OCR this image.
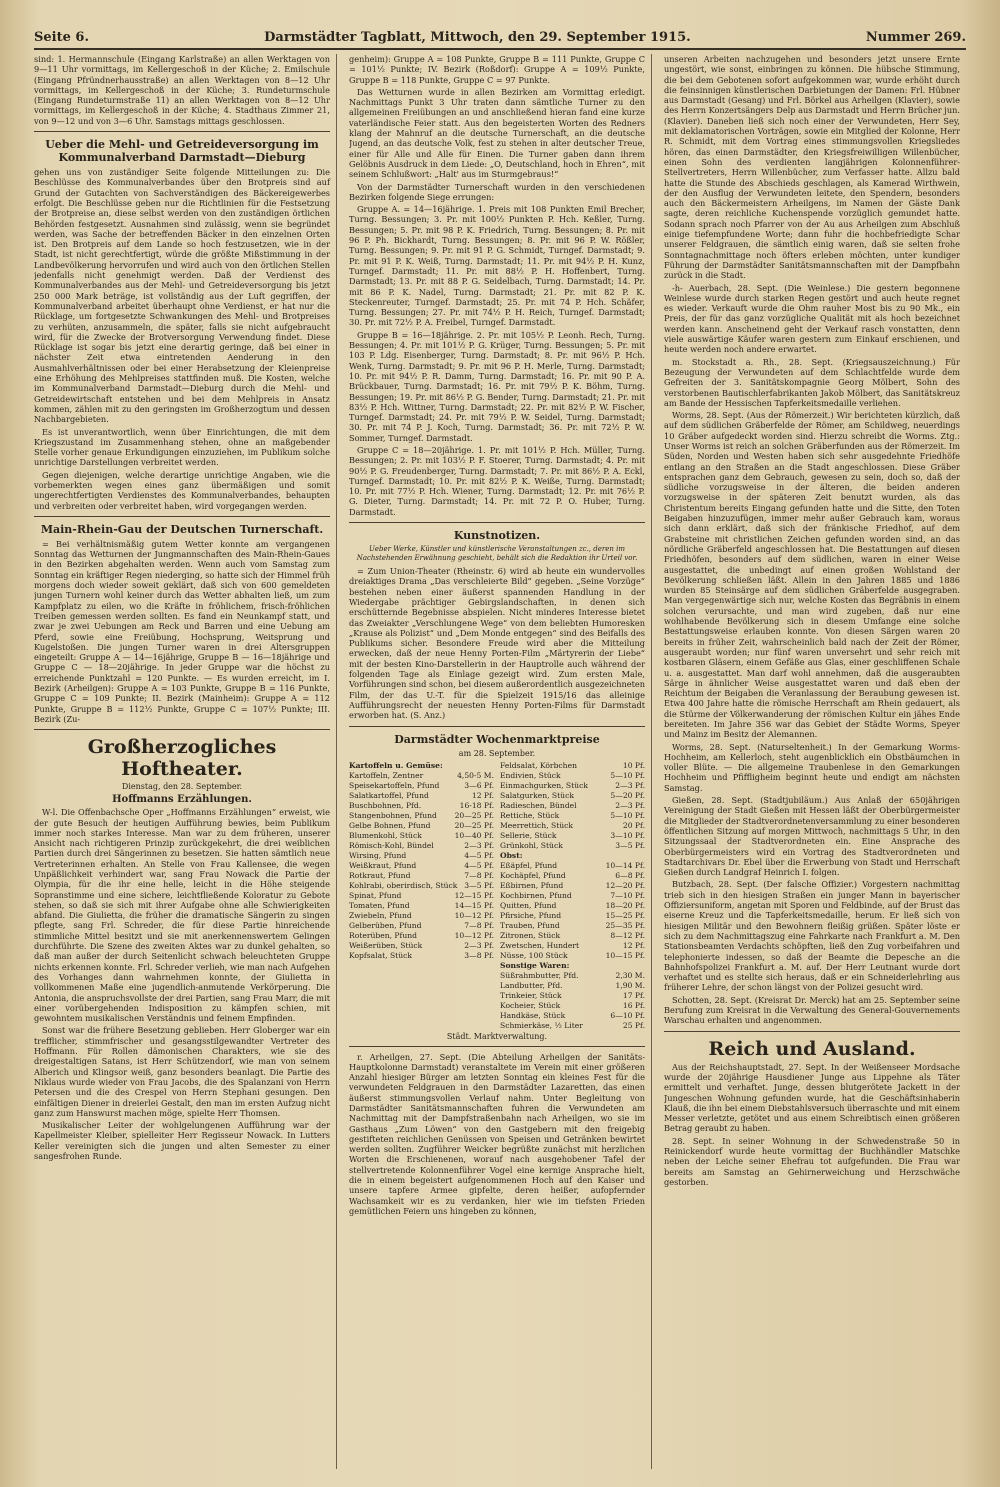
Seite 6.	Darmstädter Tagblatt, Mittwoch, den 29. September 1915.	Nummer 269.

sind: 1. Hermannschule (Eingang Karlstraße) an allen Werktagen von 9—11 Uhr vormittags, im Kellergeschoß in der Küche; 2. Emilschule (Eingang Pfründnerhausstraße) an allen Werktagen von 8—12 Uhr vormittags, im Kellergeschoß in der Küche; 3. Rundeturmschule (Eingang Rundeturmstraße 11) an allen Werktagen von 8—12 Uhr vormittags, im Kellergeschoß in der Küche; 4. Stadthaus Zimmer 21, von 9—12 und von 3—6 Uhr. Samstags mittags geschlossen.

Ueber die Mehl- und Getreideversorgung im Kommunalverband Darmstadt—Dieburg

gehen uns von zuständiger Seite folgende Mitteilungen zu: Die Beschlüsse des Kommunalverbandes über den Brotpreis sind auf Grund der Gutachten von Sachverständigen des Bäckereigewerbes erfolgt. Die Beschlüsse geben nur die Richtlinien für die Festsetzung der Brotpreise an, diese selbst werden von den zuständigen örtlichen Behörden festgesetzt. Ausnahmen sind zulässig, wenn sie begründet werden, was Sache der betreffenden Bäcker in den einzelnen Orten ist. Den Brotpreis auf dem Lande so hoch festzusetzen, wie in der Stadt, ist nicht gerechtfertigt, würde die größte Mißstimmung in der Landbevölkerung hervorrufen und wird auch von den örtlichen Stellen jedenfalls nicht genehmigt werden. Daß der Verdienst des Kommunalverbandes aus der Mehl- und Getreideversorgung bis jetzt 250 000 Mark beträge, ist vollständig aus der Luft gegriffen, der Kommunalverband arbeitet überhaupt ohne Verdienst, er hat nur die Rücklage, um fortgesetzte Schwankungen des Mehl- und Brotpreises zu verhüten, anzusammeln, die später, falls sie nicht aufgebraucht wird, für die Zwecke der Brotversorgung Verwendung findet. Diese Rücklage ist sogar bis jetzt eine derartig geringe, daß bei einer in nächster Zeit etwa eintretenden Aenderung in den Ausmahlverhältnissen oder bei einer Herabsetzung der Kleienpreise eine Erhöhung des Mehlpreises stattfinden muß. Die Kosten, welche im Kommunalverband Darmstadt—Dieburg durch die Mehl- und Getreidewirtschaft entstehen und bei dem Mehlpreis in Ansatz kommen, zählen mit zu den geringsten im Großherzogtum und dessen Nachbargebieten.

Es ist unverantwortlich, wenn über Einrichtungen, die mit dem Kriegszustand im Zusammenhang stehen, ohne an maßgebender Stelle vorher genaue Erkundigungen einzuziehen, im Publikum solche unrichtige Darstellungen verbreitet werden.

Gegen diejenigen, welche derartige unrichtige Angaben, wie die vorbemerkten wegen eines ganz übermäßigen und somit ungerechtfertigten Verdienstes des Kommunalverbandes, behaupten und verbreiten oder verbreitet haben, wird vorgegangen werden.

Main-Rhein-Gau der Deutschen Turnerschaft.

= Bei verhältnismäßig gutem Wetter konnte am vergangenen Sonntag das Wetturnen der Jungmannschaften des Main-Rhein-Gaues in den Bezirken abgehalten werden. Wenn auch vom Samstag zum Sonntag ein kräftiger Regen niederging, so hatte sich der Himmel früh morgens doch wieder soweit geklärt, daß sich von 600 gemeldeten jungen Turnern wohl keiner durch das Wetter abhalten ließ, um zum Kampfplatz zu eilen, wo die Kräfte in fröhlichem, frisch-fröhlichen Treiben gemessen werden sollten. Es fand ein Neunkampf statt, und zwar je zwei Uebungen am Reck und Barren und eine Uebung am Pferd, sowie eine Freiübung, Hochsprung, Weitsprung und Kugelstoßen. Die jungen Turner waren in drei Altersgruppen eingeteilt: Gruppe A — 14—16jährige, Gruppe B — 16—18jährige und Gruppe C — 18—20jährige. In jeder Gruppe war die höchst zu erreichende Punktzahl = 120 Punkte. — Es wurden erreicht, im I. Bezirk (Arheilgen): Gruppe A = 103 Punkte, Gruppe B = 116 Punkte, Gruppe C = 109 Punkte; II. Bezirk (Mainheim): Gruppe A = 112 Punkte, Gruppe B = 112½ Punkte, Gruppe C = 107½ Punkte; III. Bezirk (Zu-

Großherzogliches Hoftheater.
Dienstag, den 28. September.
Hoffmanns Erzählungen.

W-l. Die Offenbachsche Oper „Hoffmanns Erzählungen“ erweist, wie der gute Besuch der heutigen Aufführung bewies, beim Publikum immer noch starkes Interesse. Man war zu dem früheren, unserer Ansicht nach richtigeren Prinzip zurückgekehrt, die drei weiblichen Partien durch drei Sängerinnen zu besetzen. Sie hatten sämtlich neue Vertreterinnen erhalten. An Stelle von Frau Kallensee, die wegen Unpäßlichkeit verhindert war, sang Frau Nowack die Partie der Olympia, für die ihr eine helle, leicht in die Höhe steigende Sopranstimme und eine sichere, leichtfließende Koloratur zu Gebote stehen, so daß sie sich mit ihrer Aufgabe ohne alle Schwierigkeiten abfand. Die Giulietta, die früher die dramatische Sängerin zu singen pflegte, sang Frl. Schreder, die für diese Partie hinreichende stimmliche Mittel besitzt und sie mit anerkennenswertem Gelingen durchführte. Die Szene des zweiten Aktes war zu dunkel gehalten, so daß man außer der durch Seitenlicht schwach beleuchteten Gruppe nichts erkennen konnte. Frl. Schreder verlieh, wie man nach Aufgehen des Vorhanges dann wahrnehmen konnte, der Giulietta in vollkommenen Maße eine jugendlich-anmutende Verkörperung. Die Antonia, die anspruchsvollste der drei Partien, sang Frau Marr, die mit einer vorübergehenden Indisposition zu kämpfen schien, mit gewohntem musikalischen Verständnis und feinem Empfinden.

Sonst war die frühere Besetzung geblieben. Herr Globerger war ein trefflicher, stimmfrischer und gesangsstilgewandter Vertreter des Hoffmann. Für Rollen dämonischen Charakters, wie sie des dreigestaltigen Satans, ist Herr Schützendorf, wie man von seinem Alberich und Klingsor weiß, ganz besonders beanlagt. Die Partie des Niklaus wurde wieder von Frau Jacobs, die des Spalanzani von Herrn Petersen und die des Crespel von Herrn Stephani gesungen. Den einfältigen Diener in dreierlei Gestalt, den man im ersten Aufzug nicht ganz zum Hanswurst machen möge, spielte Herr Thomsen.

Musikalischer Leiter der wohlgelungenen Aufführung war der Kapellmeister Kleiber, spielleiter Herr Regisseur Nowack. In Lutters Keller vereinigten sich die jungen und alten Semester zu einer sangesfrohen Runde.

genheim): Gruppe A = 108 Punkte, Gruppe B = 111 Punkte, Gruppe C = 101½ Punkte; IV. Bezirk (Roßdorf): Gruppe A = 109½ Punkte, Gruppe B = 118 Punkte, Gruppe C = 97 Punkte.

Das Wetturnen wurde in allen Bezirken am Vormittag erledigt. Nachmittags Punkt 3 Uhr traten dann sämtliche Turner zu den allgemeinen Freiübungen an und anschließend hieran fand eine kurze vaterländische Feier statt. Aus den begeisterten Worten des Redners klang der Mahnruf an die deutsche Turnerschaft, an die deutsche Jugend, an das deutsche Volk, fest zu stehen in alter deutscher Treue, einer für Alle und Alle für Einen. Die Turner gaben dann ihrem Gelöbnis Ausdruck in dem Liede: „O, Deutschland, hoch in Ehren“, mit seinem Schlußwort: „Halt' aus im Sturmgebraus!“

Von der Darmstädter Turnerschaft wurden in den verschiedenen Bezirken folgende Siege errungen:

Gruppe A. = 14—16jährige. 1. Preis mit 108 Punkten Emil Brecher, Turng. Bessungen; 3. Pr. mit 100½ Punkten P. Hch. Keßler, Turng. Bessungen; 5. Pr. mit 98 P. K. Friedrich, Turng. Bessungen; 8. Pr. mit 96 P. Ph. Bickhardt, Turng. Bessungen; 8. Pr. mit 96 P. W. Rößler, Turng. Bessungen; 9. Pr. mit 91 P. G. Schmidt, Turngef. Darmstadt; 9. Pr. mit 91 P. K. Weiß, Turng. Darmstadt; 11. Pr. mit 94½ P. H. Kunz, Turngef. Darmstadt; 11. Pr. mit 88½ P. H. Hoffenbert, Turng. Darmstadt; 13. Pr. mit 88 P. G. Seidelbach, Turng. Darmstadt; 14. Pr. mit 86 P. K. Nadel, Turng. Darmstadt; 21. Pr. mit 82 P. K. Steckenreuter, Turngef. Darmstadt; 25. Pr. mit 74 P. Hch. Schäfer, Turng. Bessungen; 27. Pr. mit 74½ P. H. Reich, Turngef. Darmstadt; 30. Pr. mit 72½ P. A. Freibel, Turngef. Darmstadt.

Gruppe B = 16—18jährige. 2. Pr. mit 105½ P. Leonh. Rech, Turng. Bessungen; 4. Pr. mit 101½ P. G. Krüger, Turng. Bessungen; 5. Pr. mit 103 P. Ldg. Eisenberger, Turng. Darmstadt; 8. Pr. mit 96½ P. Hch. Wenk, Turng. Darmstadt; 9. Pr. mit 96 P. H. Merle, Turng. Darmstadt; 10. Pr. mit 94½ P. R. Damm, Turng. Darmstadt; 16. Pr. mit 90 P. A. Brückbauer, Turng. Darmstadt; 16. Pr. mit 79½ P. K. Böhm, Turng. Bessungen; 19. Pr. mit 86½ P. G. Bender, Turng. Darmstadt; 21. Pr. mit 83½ P. Hch. Wittner, Turng. Darmstadt; 22. Pr. mit 82½ P. W. Fischer, Turngef. Darmstadt; 24. Pr. mit 79½ P. W. Seidel, Turng. Darmstadt; 30. Pr. mit 74 P. J. Koch, Turng. Darmstadt; 36. Pr. mit 72½ P. W. Sommer, Turngef. Darmstadt.

Gruppe C = 18—20jährige. 1. Pr. mit 101½ P. Hch. Müller, Turng. Bessungen; 2. Pr. mit 103½ P. F. Stoerer, Turng. Darmstadt; 4. Pr. mit 90½ P. G. Freudenberger, Turng. Darmstadt; 7. Pr. mit 86½ P. A. Eckl, Turngef. Darmstadt; 10. Pr. mit 82½ P. K. Weiße, Turng. Darmstadt; 10. Pr. mit 77½ P. Hch. Wiener, Turng. Darmstadt; 12. Pr. mit 76½ P. G. Dieter, Turng. Darmstadt; 14. Pr. mit 72 P. O. Huber, Turng. Darmstadt.

Kunstnotizen.
Ueber Werke, Künstler und künstlerische Veranstaltungen zc., deren im Nachstehenden Erwähnung geschieht, behält sich die Redaktion ihr Urteil vor.

= Zum Union-Theater (Rheinstr. 6) wird ab heute ein wundervolles dreiaktiges Drama „Das verschleierte Bild“ gegeben. „Seine Vorzüge“ bestehen neben einer äußerst spannenden Handlung in der Wiedergabe prächtiger Gebirgslandschaften, in denen sich erschütternde Begebnisse abspielen. Nicht minderes Interesse bietet das Zweiakter „Verschlungene Wege“ von dem beliebten Humoresken „Krause als Polizist“ und „Dem Monde entgegen“ sind des Beifalls des Publikums sicher. Besondere Freude wird aber die Mitteilung erwecken, daß der neue Henny Porten-Film „Märtyrerin der Liebe“ mit der besten Kino-Darstellerin in der Hauptrolle auch während der folgenden Tage als Einlage gezeigt wird. Zum ersten Male, Vorführungen sind schon, bei diesem außerordentlich ausgezeichneten Film, der das U.-T. für die Spielzeit 1915/16 das alleinige Aufführungsrecht der neuesten Henny Porten-Films für Darmstadt erworben hat. (S. Anz.)

Darmstädter Wochenmarktpreise
am 28. September.
Kartoffeln u. Gemüse:
Kartoffeln, Zentner	4,50-5 M.
Speisekartoffeln, Pfund	3—6 Pf.
Salatkartoffel, Pfund	12 Pf.
Buschbohnen, Pfd.	16-18 Pf.
Stangenbohnen, Pfund 20—25 Pf.
Gelbe Bohnen, Pfund	20—25 Pf.
Blumenkohl, Stück	10—40 Pf.
Römisch-Kohl, Bündel	2—3 Pf.
Wirsing, Pfund	4—5 Pf.
Weißkraut, Pfund	4—5 Pf.
Rotkraut, Pfund	7—8 Pf.
Kohlrabi, oberirdisch, Stück 3—5 Pf.
Spinat, Pfund	12—15 Pf.
Tomaten, Pfund	14—15 Pf.
Zwiebeln, Pfund	10—12 Pf.
Gelberüben, Pfund	7—8 Pf.
Roterüben, Pfund	10—12 Pf.
Weißerüben, Stück	2—3 Pf.
Kopfsalat, Stück	3—8 Pf.
Feldsalat, Körbchen	10 Pf.
Endivien, Stück	5—10 Pf.
Einmachgurken, Stück	2—3 Pf.
Salatgurken, Stück	5—20 Pf.
Radieschen, Bündel	2—3 Pf.
Rettiche, Stück	5—10 Pf.
Meerrettich, Stück	20 Pf.
Sellerie, Stück	3—10 Pf.
Grünkohl, Stück	3—5 Pf.
Obst:
Eßäpfel, Pfund	10—14 Pf.
Kochäpfel, Pfund	6—8 Pf.
Eßbirnen, Pfund	12—20 Pf.
Kochbirnen, Pfund	7—10 Pf.
Quitten, Pfund	18—20 Pf.
Pfirsiche, Pfund	15—25 Pf.
Trauben, Pfund	25—35 Pf.
Zitronen, Stück	8—12 Pf.
Zwetschen, Hundert	12 Pf.
Nüsse, 100 Stück	10—15 Pf.
Sonstige Waren:
Süßrahmbutter, Pfd.	2,30 M.
Landbutter, Pfd.	1,90 M.
Trinkeier, Stück	17 Pf.
Kocheier, Stück	16 Pf.
Handkäse, Stück	6—10 Pf.
Schmierkäse, ½ Liter	25 Pf.
Städt. Marktverwaltung.

r. Arheilgen, 27. Sept. (Die Abteilung Arheilgen der Sanitäts-Hauptkolonne Darmstadt) veranstaltete im Verein mit einer größeren Anzahl hiesiger Bürger am letzten Sonntag ein kleines Fest für die verwundeten Feldgrauen in den Darmstädter Lazaretten, das einen äußerst stimmungsvollen Verlauf nahm. Unter Begleitung von Darmstädter Sanitätsmannschaften fuhren die Verwundeten am Nachmittag mit der Dampfstraßenbahn nach Arheilgen, wo sie im Gasthaus „Zum Löwen“ von den Gastgebern mit den freigebig gestifteten reichlichen Genüssen von Speisen und Getränken bewirtet werden sollten. Zugführer Weicker begrüßte zunächst mit herzlichen Worten die Erschienenen, worauf nach ausgehobener Tafel der stellvertretende Kolonnenführer Vogel eine kernige Ansprache hielt, die in einem begeistert aufgenommenen Hoch auf den Kaiser und unsere tapfere Armee gipfelte, deren heißer, aufopfernder Wachsamkeit wir es zu verdanken, hier wie im tiefsten Frieden gemütlichen Feiern uns hingeben zu können,

unseren Arbeiten nachzugehen und besonders jetzt unsere Ernte ungestört, wie sonst, einbringen zu können. Die hübsche Stimmung, die bei dem Gebotenen sofort aufgekommen war, wurde erhöht durch die feinsinnigen künstlerischen Darbietungen der Damen: Frl. Hübner aus Darmstadt (Gesang) und Frl. Börkel aus Arheilgen (Klavier), sowie des Herrn Konzertsängers Delp aus Darmstadt und Herrn Brücher jun. (Klavier). Daneben ließ sich noch einer der Verwundeten, Herr Sey, mit deklamatorischen Vorträgen, sowie ein Mitglied der Kolonne, Herr R. Schmidt, mit dem Vortrag eines stimmungsvollen Kriegsliedes hören, das einen Darmstädter, den Kriegsfreiwilligen Willenbücher, einen Sohn des verdienten langjährigen Kolonnenführer-Stellvertreters, Herrn Willenbücher, zum Verfasser hatte. Allzu bald hatte die Stunde des Abschieds geschlagen, als Kamerad Wirthwein, der den Ausflug der Verwundeten leitete, den Spendern, besonders auch den Bäckermeistern Arheilgens, im Namen der Gäste Dank sagte, deren reichliche Kuchenspende vorzüglich gemundet hatte. Sodann sprach noch Pfarrer von der Au aus Arheilgen zum Abschluß einige tiefempfundene Worte; dann fuhr die hochbefriedigte Schar unserer Feldgrauen, die sämtlich einig waren, daß sie selten frohe Sonntagnachmittage noch öfters erleben möchten, unter kundiger Führung der Darmstädter Sanitätsmannschaften mit der Dampfbahn zurück in die Stadt.

-h- Auerbach, 28. Sept. (Die Weinlese.) Die gestern begonnene Weinlese wurde durch starken Regen gestört und auch heute regnet es wieder. Verkauft wurde die Ohm rauher Most bis zu 90 Mk., ein Preis, der für das ganz vorzügliche Qualität mit als hoch bezeichnet werden kann. Anscheinend geht der Verkauf rasch vonstatten, denn viele auswärtige Käufer waren gestern zum Einkauf erschienen, und heute werden noch andere erwartet.

m. Stockstadt a. Rh., 28. Sept. (Kriegsauszeichnung.) Für Bezeugung der Verwundeten auf dem Schlachtfelde wurde dem Gefreiten der 3. Sanitätskompagnie Georg Mölbert, Sohn des verstorbenen Bautischlerfabrikanten Jakob Mölbert, das Sanitätskreuz am Bande der Hessischen Tapferkeitsmedaille verliehen.

Worms, 28. Sept. (Aus der Römerzeit.) Wir berichteten kürzlich, daß auf dem südlichen Gräberfelde der Römer, am Schildweg, neuerdings 10 Gräber aufgedeckt worden sind. Hierzu schreibt die Worms. Ztg.: Unser Worms ist reich an solchen Gräberfunden aus der Römerzeit. Im Süden, Norden und Westen haben sich sehr ausgedehnte Friedhöfe entlang an den Straßen an die Stadt angeschlossen. Diese Gräber entsprachen ganz dem Gebrauch, gewesen zu sein, doch so, daß der südliche vorzugsweise in der älteren, die beiden anderen vorzugsweise in der späteren Zeit benutzt wurden, als das Christentum bereits Eingang gefunden hatte und die Sitte, den Toten Beigaben hinzuzufügen, immer mehr außer Gebrauch kam, woraus sich dann erklärt, daß sich der fränkische Friedhof, auf dem Grabsteine mit christlichen Zeichen gefunden worden sind, an das nördliche Gräberfeld angeschlossen hat. Die Bestattungen auf diesen Friedhöfen, besonders auf dem südlichen, waren in einer Weise ausgestattet, die unbedingt auf einen großen Wohlstand der Bevölkerung schließen läßt. Allein in den Jahren 1885 und 1886 wurden 85 Steinsärge auf dem südlichen Gräberfelde ausgegraben. Man vergegenwärtige sich nur, welche Kosten das Begräbnis in einem solchen verursachte, und man wird zugeben, daß nur eine wohlhabende Bevölkerung sich in diesem Umfange eine solche Bestattungsweise erlauben konnte. Von diesen Särgen waren 20 bereits in früher Zeit, wahrscheinlich bald nach der Zeit der Römer, ausgeraubt worden; nur fünf waren unversehrt und sehr reich mit kostbaren Gläsern, einem Gefäße aus Glas, einer geschliffenen Schale u. a. ausgestattet. Man darf wohl annehmen, daß die ausgeraubten Särge in ähnlicher Weise ausgestattet waren und daß eben der Reichtum der Beigaben die Veranlassung der Beraubung gewesen ist. Etwa 400 Jahre hatte die römische Herrschaft am Rhein gedauert, als die Stürme der Völkerwanderung der römischen Kultur ein jähes Ende bereiteten. Im Jahre 356 war das Gebiet der Städte Worms, Speyer und Mainz im Besitz der Alemannen.

Worms, 28. Sept. (Naturseltenheit.) In der Gemarkung Worms-Hochheim, am Kellerloch, steht augenblicklich ein Obstbäumchen in voller Blüte. — Die allgemeine Traubenlese in den Gemarkungen Hochheim und Pfiffligheim beginnt heute und endigt am nächsten Samstag.

Gießen, 28. Sept. (Stadtjubiläum.) Aus Anlaß der 650jährigen Vereinigung der Stadt Gießen mit Hessen läßt der Oberbürgermeister die Mitglieder der Stadtverordnetenversammlung zu einer besonderen öffentlichen Sitzung auf morgen Mittwoch, nachmittags 5 Uhr, in den Sitzungssaal der Stadtverordneten ein. Eine Ansprache des Oberbürgermeisters wird ein Vortrag des Stadtverordneten und Stadtarchivars Dr. Ebel über die Erwerbung von Stadt und Herrschaft Gießen durch Landgraf Heinrich I. folgen.

Butzbach, 28. Sept. (Der falsche Offizier.) Vorgestern nachmittag trieb sich in den hiesigen Straßen ein junger Mann in bayerischer Offiziersuniform, angetan mit Sporen und Feldbinde, auf der Brust das eiserne Kreuz und die Tapferkeitsmedaille, herum. Er ließ sich von hiesigen Militär und den Bewohnern fleißig grüßen. Später löste er sich zu dem Nachmittagszug eine Fahrkarte nach Frankfurt a. M. Den Stationsbeamten Verdachts schöpften, ließ den Zug vorbeifahren und telephonierte indessen, so daß der Beamte die Depesche an die Bahnhofspolizei Frankfurt a. M. auf. Der Herr Leutnant wurde dort verhaftet und es stellte sich heraus, daß er ein Schneiderlehrling aus früherer Lehre, der schon längst von der Polizei gesucht wird.

Schotten, 28. Sept. (Kreisrat Dr. Merck) hat am 25. September seine Berufung zum Kreisrat in die Verwaltung des General-Gouvernements Warschau erhalten und angenommen.

Reich und Ausland.

Aus der Reichshauptstadt, 27. Sept. In der Weißenseer Mordsache wurde der 20jährige Hausdiener Junge aus Lippehne als Täter ermittelt und verhaftet. Junge, dessen blutgerötete Jackett in der Jungeschen Wohnung gefunden wurde, hat die Geschäftsinhaberin Klauß, die ihn bei einem Diebstahlsversuch überraschte und mit einem Messer verletzte, getötet und aus einem Schreibtisch einen größeren Betrag geraubt zu haben.

28. Sept. In seiner Wohnung in der Schwedenstraße 50 in Reinickendorf wurde heute vormittag der Buchhändler Matschke neben der Leiche seiner Ehefrau tot aufgefunden. Die Frau war bereits am Samstag an Gehirnerweichung und Herzschwäche gestorben.
